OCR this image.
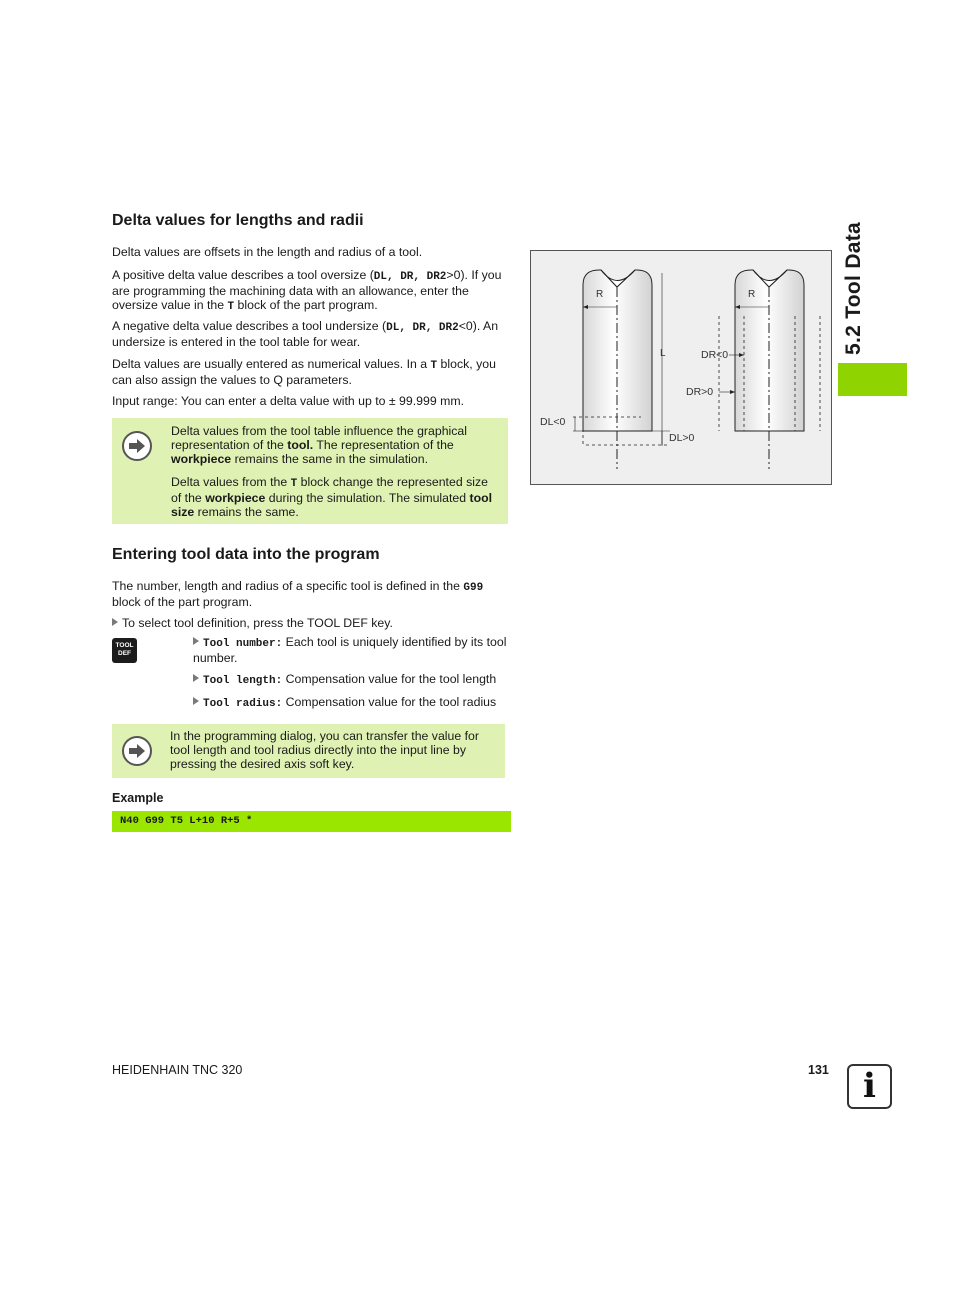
Delta values for lengths and radii
Delta values are offsets in the length and radius of a tool.
A positive delta value describes a tool oversize (DL, DR, DR2>0). If you are programming the machining data with an allowance, enter the oversize value in the T block of the part program.
A negative delta value describes a tool undersize (DL, DR, DR2<0). An undersize is entered in the tool table for wear.
Delta values are usually entered as numerical values. In a T block, you can also assign the values to Q parameters.
Input range: You can enter a delta value with up to ± 99.999 mm.
Delta values from the tool table influence the graphical representation of the tool. The representation of the workpiece remains the same in the simulation.
Delta values from the T block change the represented size of the workpiece during the simulation. The simulated tool size remains the same.
R	R
L
DL<0
DL>0
DR<0
DR>0
Entering tool data into the program
The number, length and radius of a specific tool is defined in the G99 block of the part program.
To select tool definition, press the TOOL DEF key.
TOOL
DEF
Tool number: Each tool is uniquely identified by its tool number.
Tool length: Compensation value for the tool length
Tool radius: Compensation value for the tool radius
In the programming dialog, you can transfer the value for tool length and tool radius directly into the input line by pressing the desired axis soft key.
Example
N40 G99 T5 L+10 R+5 *
5.2 Tool Data
HEIDENHAIN TNC 320	131	i
